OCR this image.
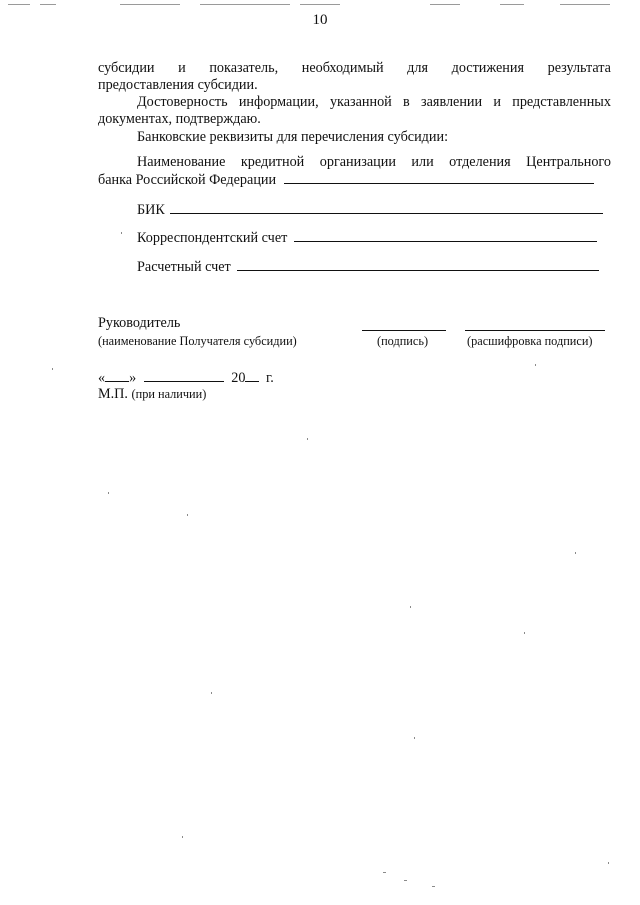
10
субсидии и показатель, необходимый для достижения результата
предоставления субсидии.
Достоверность информации, указанной в заявлении и представленных
документах, подтверждаю.
Банковские реквизиты для перечисления субсидии:
Наименование кредитной организации или отделения Центрального
банка Российской Федерации
БИК
Корреспондентский счет
Расчетный счет
Руководитель
(наименование Получателя субсидии)	(подпись)	(расшифровка подписи)
« »	20 г.
М.П. (при наличии)
